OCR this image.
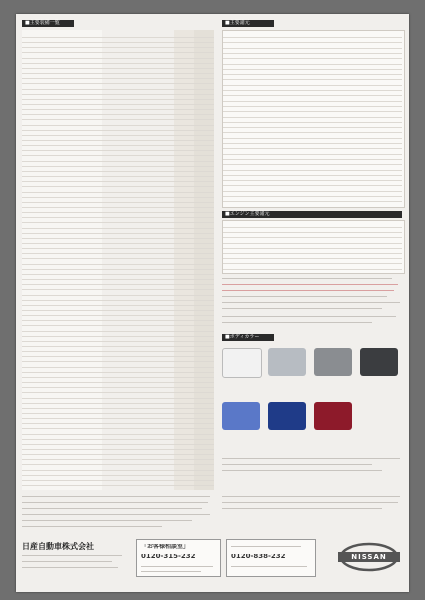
■主要装備一覧	■主要諸元
■エンジン主要諸元
■ボディカラー
日産自動車株式会社	「お客様相談室」
0120-315-232	0120-838-232	NISSAN
